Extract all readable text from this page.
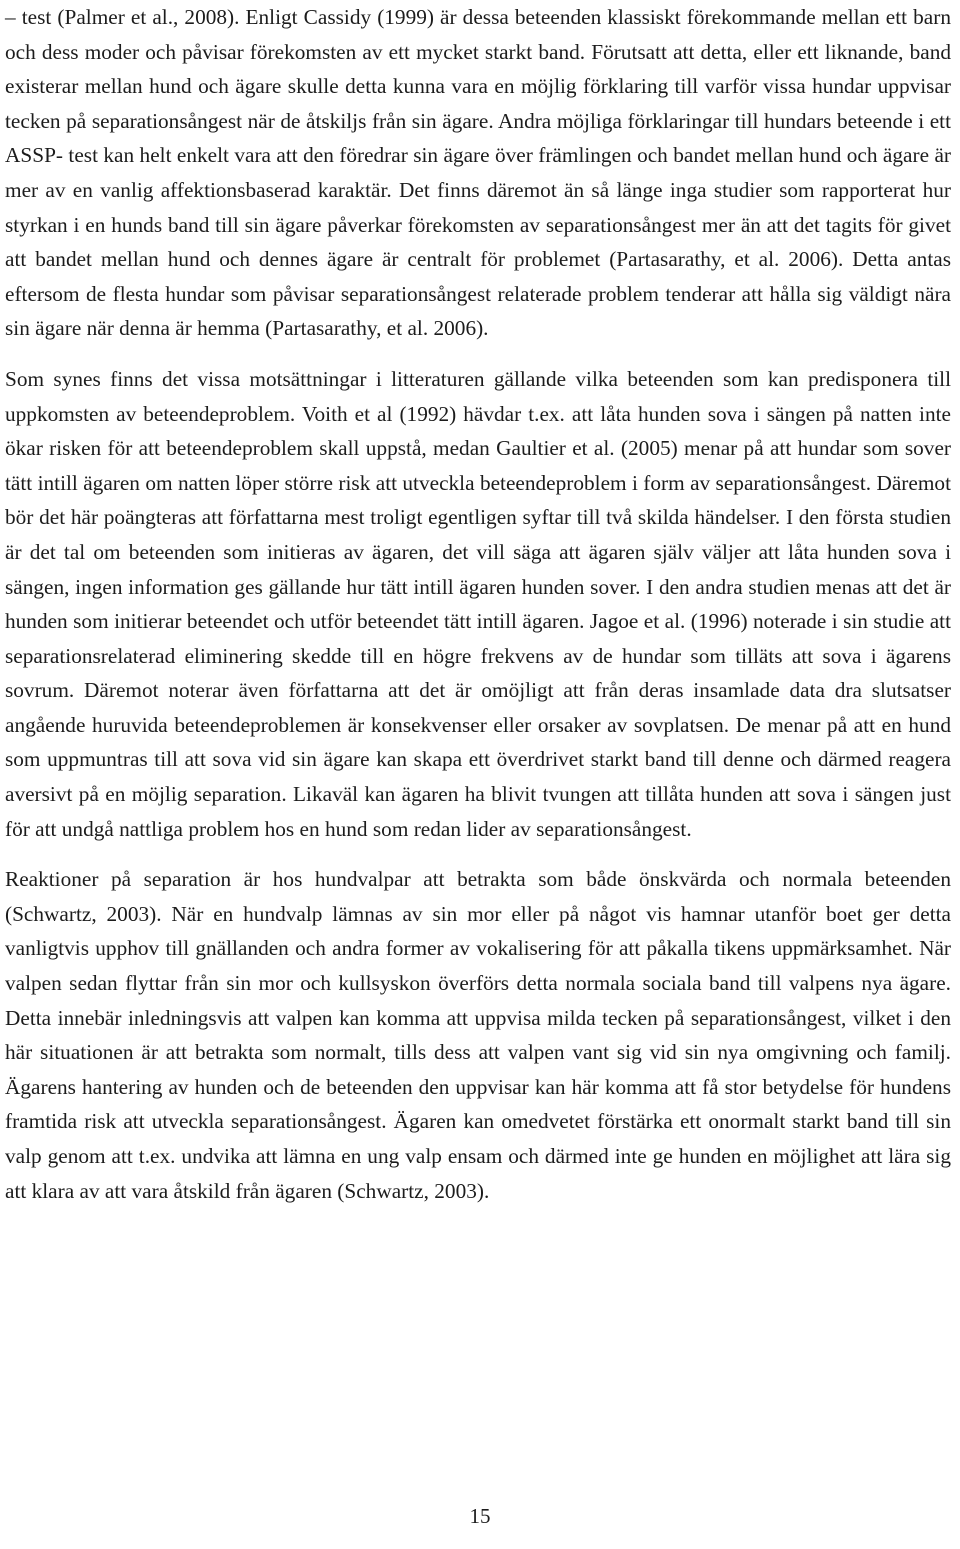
– test (Palmer et al., 2008). Enligt Cassidy (1999) är dessa beteenden klassiskt förekommande mellan ett barn och dess moder och påvisar förekomsten av ett mycket starkt band. Förutsatt att detta, eller ett liknande, band existerar mellan hund och ägare skulle detta kunna vara en möjlig förklaring till varför vissa hundar uppvisar tecken på separationsångest när de åtskiljs från sin ägare. Andra möjliga förklaringar till hundars beteende i ett ASSP- test kan helt enkelt vara att den föredrar sin ägare över främlingen och bandet mellan hund och ägare är mer av en vanlig affektionsbaserad karaktär. Det finns däremot än så länge inga studier som rapporterat hur styrkan i en hunds band till sin ägare påverkar förekomsten av separationsångest mer än att det tagits för givet att bandet mellan hund och dennes ägare är centralt för problemet (Partasarathy, et al. 2006). Detta antas eftersom de flesta hundar som påvisar separationsångest relaterade problem tenderar att hålla sig väldigt nära sin ägare när denna är hemma (Partasarathy, et al. 2006).

Som synes finns det vissa motsättningar i litteraturen gällande vilka beteenden som kan predisponera till uppkomsten av beteendeproblem. Voith et al (1992) hävdar t.ex. att låta hunden sova i sängen på natten inte ökar risken för att beteendeproblem skall uppstå, medan Gaultier et al. (2005) menar på att hundar som sover tätt intill ägaren om natten löper större risk att utveckla beteendeproblem i form av separationsångest. Däremot bör det här poängteras att författarna mest troligt egentligen syftar till två skilda händelser. I den första studien är det tal om beteenden som initieras av ägaren, det vill säga att ägaren själv väljer att låta hunden sova i sängen, ingen information ges gällande hur tätt intill ägaren hunden sover. I den andra studien menas att det är hunden som initierar beteendet och utför beteendet tätt intill ägaren. Jagoe et al. (1996) noterade i sin studie att separationsrelaterad eliminering skedde till en högre frekvens av de hundar som tilläts att sova i ägarens sovrum. Däremot noterar även författarna att det är omöjligt att från deras insamlade data dra slutsatser angående huruvida beteendeproblemen är konsekvenser eller orsaker av sovplatsen. De menar på att en hund som uppmuntras till att sova vid sin ägare kan skapa ett överdrivet starkt band till denne och därmed reagera aversivt på en möjlig separation. Likaväl kan ägaren ha blivit tvungen att tillåta hunden att sova i sängen just för att undgå nattliga problem hos en hund som redan lider av separationsångest.

Reaktioner på separation är hos hundvalpar att betrakta som både önskvärda och normala beteenden (Schwartz, 2003). När en hundvalp lämnas av sin mor eller på något vis hamnar utanför boet ger detta vanligtvis upphov till gnällanden och andra former av vokalisering för att påkalla tikens uppmärksamhet. När valpen sedan flyttar från sin mor och kullsyskon överförs detta normala sociala band till valpens nya ägare. Detta innebär inledningsvis att valpen kan komma att uppvisa milda tecken på separationsångest, vilket i den här situationen är att betrakta som normalt, tills dess att valpen vant sig vid sin nya omgivning och familj. Ägarens hantering av hunden och de beteenden den uppvisar kan här komma att få stor betydelse för hundens framtida risk att utveckla separationsångest. Ägaren kan omedvetet förstärka ett onormalt starkt band till sin valp genom att t.ex. undvika att lämna en ung valp ensam och därmed inte ge hunden en möjlighet att lära sig att klara av att vara åtskild från ägaren (Schwartz, 2003).

15
